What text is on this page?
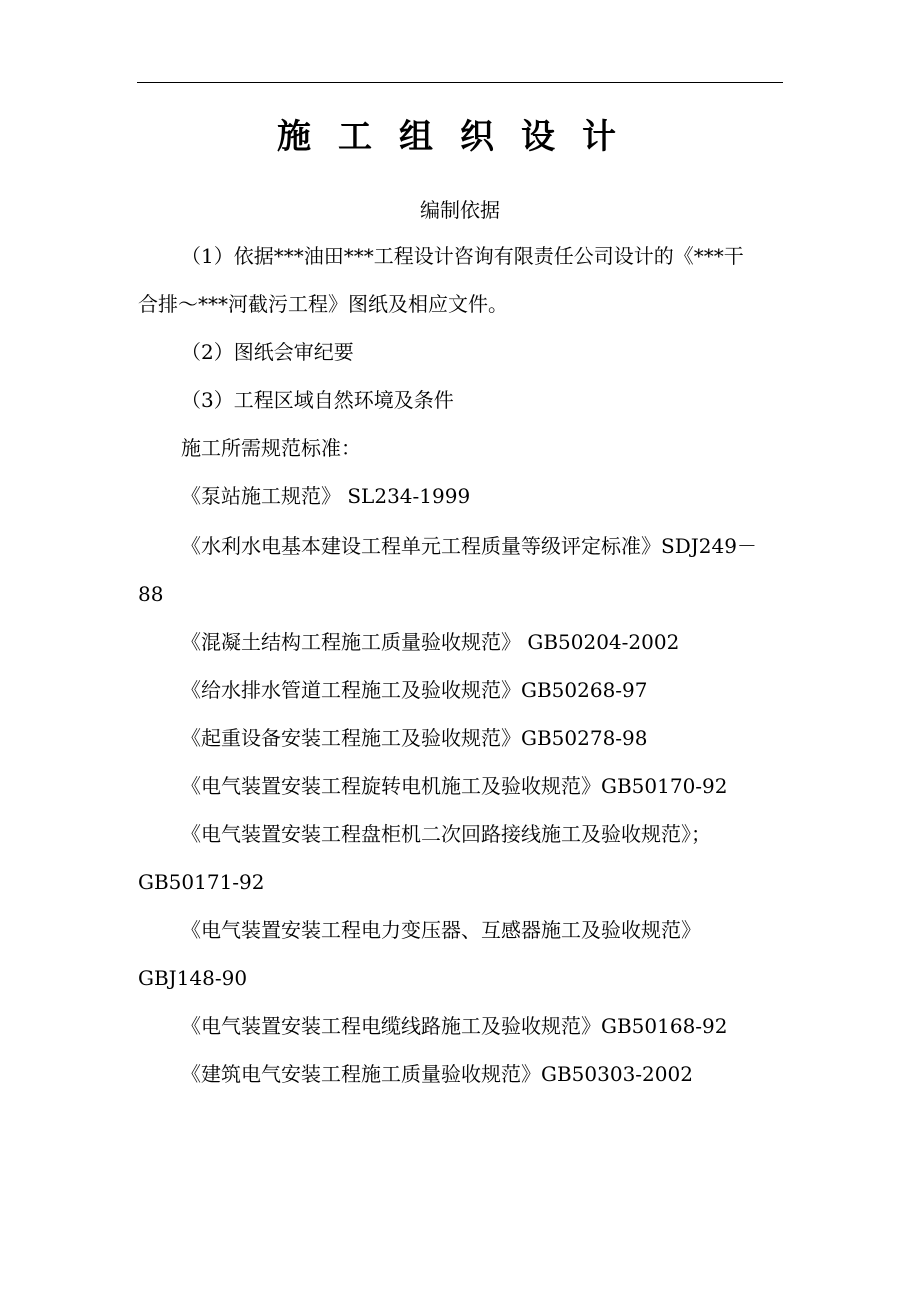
施工组织设计
编制依据
（1）依据***油田***工程设计咨询有限责任公司设计的《***干
合排～***河截污工程》图纸及相应文件。
（2）图纸会审纪要
（3）工程区域自然环境及条件
施工所需规范标准：
《泵站施工规范》 SL234-1999
《水利水电基本建设工程单元工程质量等级评定标准》SDJ249－
88
《混凝土结构工程施工质量验收规范》 GB50204-2002
《给水排水管道工程施工及验收规范》GB50268-97
《起重设备安装工程施工及验收规范》GB50278-98
《电气装置安装工程旋转电机施工及验收规范》GB50170-92
《电气装置安装工程盘柜机二次回路接线施工及验收规范》；
GB50171-92
《电气装置安装工程电力变压器、互感器施工及验收规范》
GBJ148-90
《电气装置安装工程电缆线路施工及验收规范》GB50168-92
《建筑电气安装工程施工质量验收规范》GB50303-2002
